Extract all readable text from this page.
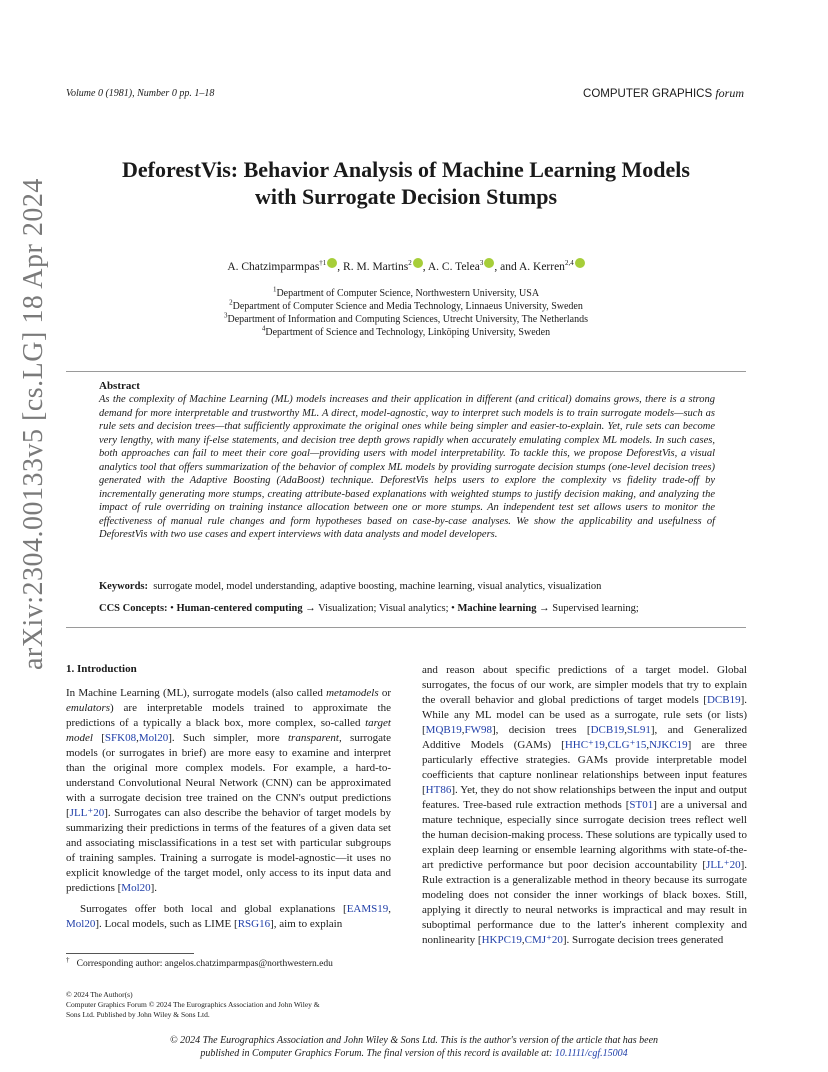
Volume 0 (1981), Number 0 pp. 1–18	COMPUTER GRAPHICS forum
DeforestVis: Behavior Analysis of Machine Learning Models
with Surrogate Decision Stumps
A. Chatzimparmpas$^{\dagger 1}$ , R. M. Martins$^2$ , A. C. Telea$^3$ , and A. Kerren$^{2,4}$
$^1$Department of Computer Science, Northwestern University, USA
$^2$Department of Computer Science and Media Technology, Linnaeus University, Sweden
$^3$Department of Information and Computing Sciences, Utrecht University, The Netherlands
$^4$Department of Science and Technology, Linköping University, Sweden
Abstract

As the complexity of Machine Learning (ML) models increases and their application in different (and critical) domains grows, there is a strong demand for more interpretable and trustworthy ML. A direct, model-agnostic, way to interpret such models is to train surrogate models—such as rule sets and decision trees—that sufficiently approximate the original ones while being simpler and easier-to-explain. Yet, rule sets can become very lengthy, with many if-else statements, and decision tree depth grows rapidly when accurately emulating complex ML models. In such cases, both approaches can fail to meet their core goal—providing users with model interpretability. To tackle this, we propose DeforestVis, a visual analytics tool that offers summarization of the behavior of complex ML models by providing surrogate decision stumps (one-level decision trees) generated with the Adaptive Boosting (AdaBoost) technique. DeforestVis helps users to explore the complexity vs fidelity trade-off by incrementally generating more stumps, creating attribute-based explanations with weighted stumps to justify decision making, and analyzing the impact of rule overriding on training instance allocation between one or more stumps. An independent test set allows users to monitor the effectiveness of manual rule changes and form hypotheses based on case-by-case analyses. We show the applicability and usefulness of DeforestVis with two use cases and expert interviews with data analysts and model developers.

Keywords: surrogate model, model understanding, adaptive boosting, machine learning, visual analytics, visualization
CCS Concepts: • Human-centered computing → Visualization; Visual analytics; • Machine learning → Supervised learning;
arXiv:2304.00133v5 [cs.LG] 18 Apr 2024 1. Introduction

In Machine Learning (ML), surrogate models (also called metamodels or emulators) are interpretable models trained to approximate the predictions of a typically a black box, more complex, so-called target model [SFK08,Mol20]. Such simpler, more transparent, surrogate models (or surrogates in brief) are more easy to examine and interpret than the original more complex models. For example, a hard-to-understand Convolutional Neural Network (CNN) can be approximated with a surrogate decision tree trained on the CNN's output predictions [JLL⁺20]. Surrogates can also describe the behavior of target models by summarizing their predictions in terms of the features of a given data set and associating misclassifications in a test set with particular subgroups of training samples. Training a surrogate is model-agnostic—it uses no explicit knowledge of the target model, only access to its input data and predictions [Mol20].

Surrogates offer both local and global explanations [EAMS19, Mol20]. Local models, such as LIME [RSG16], aim to explain

and reason about specific predictions of a target model. Global surrogates, the focus of our work, are simpler models that try to explain the overall behavior and global predictions of target models [DCB19]. While any ML model can be used as a surrogate, rule sets (or lists) [MQB19,FW98], decision trees [DCB19,SL91], and Generalized Additive Models (GAMs) [HHC⁺19,CLG⁺15,NJKC19] are three particularly effective strategies. GAMs provide interpretable model coefficients that capture nonlinear relationships between input features [HT86]. Yet, they do not show relationships between the input and output features. Tree-based rule extraction methods [ST01] are a universal and mature technique, especially since surrogate decision trees reflect well the human decision-making process. These solutions are typically used to explain deep learning or ensemble learning algorithms with state-of-the-art predictive performance but poor decision accountability [JLL⁺20]. Rule extraction is a generalizable method in theory because its surrogate modeling does not consider the inner workings of black boxes. Still, applying it directly to neural networks is impractical and may result in suboptimal performance due to the latter's inherent complexity and nonlinearity [HKPC19,CMJ⁺20]. Surrogate decision trees generated

† Corresponding author: angelos.chatzimparmpas@northwestern.edu
© 2024 The Author(s)
Computer Graphics Forum © 2024 The Eurographics Association and John Wiley & Sons Ltd. Published by John Wiley & Sons Ltd.
© 2024 The Eurographics Association and John Wiley & Sons Ltd. This is the author's version of the article that has been
published in Computer Graphics Forum. The final version of this record is available at: 10.1111/cgf.15004
